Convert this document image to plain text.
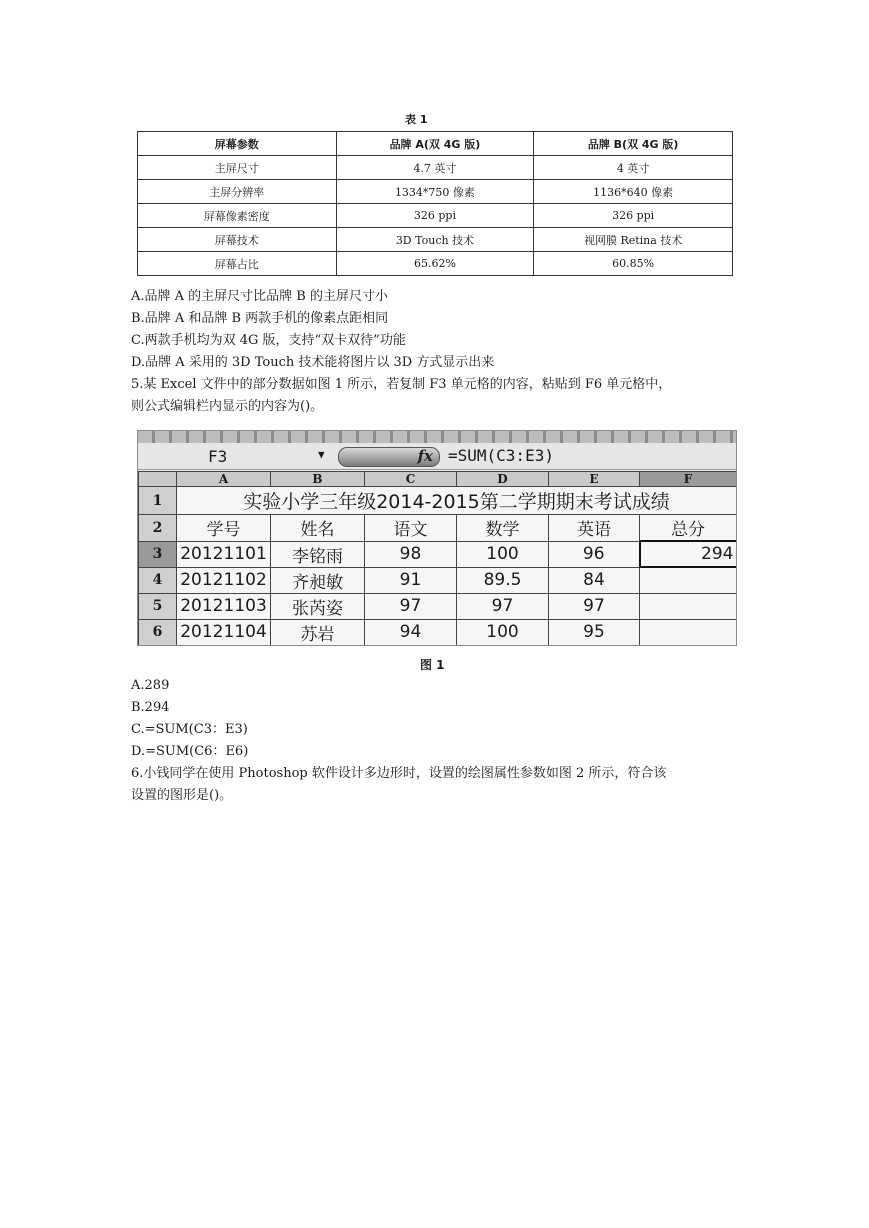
表 1
屏幕参数	品牌 A(双 4G 版)	品牌 B(双 4G 版)
主屏尺寸	4.7 英寸	4 英寸
主屏分辨率	1334*750 像素	1136*640 像素
屏幕像素密度	326 ppi	326 ppi
屏幕技术	3D Touch 技术	视网膜 Retina 技术
屏幕占比	65.62%	60.85%
A.品牌 A 的主屏尺寸比品牌 B 的主屏尺寸小
B.品牌 A 和品牌 B 两款手机的像素点距相同
C.两款手机均为双 4G 版，支持“双卡双待”功能
D.品牌 A 采用的 3D Touch 技术能将图片以 3D 方式显示出来
5.某 Excel 文件中的部分数据如图 1 所示，若复制 F3 单元格的内容，粘贴到 F6 单元格中，
则公式编辑栏内显示的内容为()。
F3	▼	fx =SUM(C3:E3)
	A	B	C	D	E	F
1	实验小学三年级2014-2015第二学期期末考试成绩					
2	学号	姓名	语文	数学	英语	总分
3	20121101	李铭雨	98	100	96	294
4	20121102	齐昶敏	91	89.5	84	
5	20121103	张芮姿	97	97	97	
6	20121104	苏岩	94	100	95	
图 1
A.289
B.294
C.=SUM(C3：E3)
D.=SUM(C6：E6)
6.小钱同学在使用 Photoshop 软件设计多边形时，设置的绘图属性参数如图 2 所示，符合该
设置的图形是()。
